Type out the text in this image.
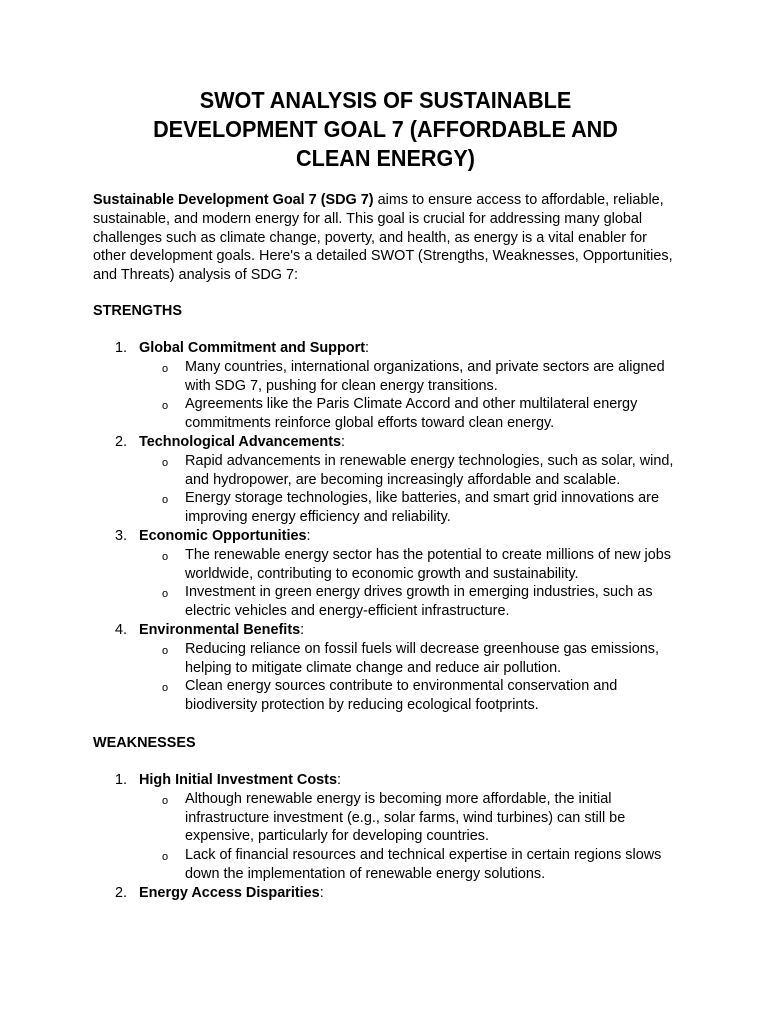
SWOT ANALYSIS OF SUSTAINABLE DEVELOPMENT GOAL 7 (AFFORDABLE AND CLEAN ENERGY)

Sustainable Development Goal 7 (SDG 7) aims to ensure access to affordable, reliable, sustainable, and modern energy for all. This goal is crucial for addressing many global challenges such as climate change, poverty, and health, as energy is a vital enabler for other development goals. Here's a detailed SWOT (Strengths, Weaknesses, Opportunities, and Threats) analysis of SDG 7:

STRENGTHS
1. Global Commitment and Support:
o Many countries, international organizations, and private sectors are aligned with SDG 7, pushing for clean energy transitions.
o Agreements like the Paris Climate Accord and other multilateral energy commitments reinforce global efforts toward clean energy.
2. Technological Advancements:
o Rapid advancements in renewable energy technologies, such as solar, wind, and hydropower, are becoming increasingly affordable and scalable.
o Energy storage technologies, like batteries, and smart grid innovations are improving energy efficiency and reliability.
3. Economic Opportunities:
o The renewable energy sector has the potential to create millions of new jobs worldwide, contributing to economic growth and sustainability.
o Investment in green energy drives growth in emerging industries, such as electric vehicles and energy-efficient infrastructure.
4. Environmental Benefits:
o Reducing reliance on fossil fuels will decrease greenhouse gas emissions, helping to mitigate climate change and reduce air pollution.
o Clean energy sources contribute to environmental conservation and biodiversity protection by reducing ecological footprints.
WEAKNESSES
1. High Initial Investment Costs:
o Although renewable energy is becoming more affordable, the initial infrastructure investment (e.g., solar farms, wind turbines) can still be expensive, particularly for developing countries.
o Lack of financial resources and technical expertise in certain regions slows down the implementation of renewable energy solutions.
2. Energy Access Disparities:
